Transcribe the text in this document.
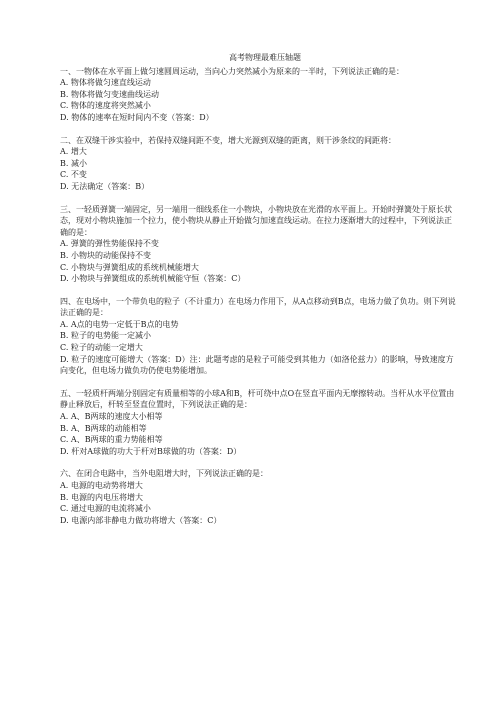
高考物理最难压轴题
一、一物体在水平面上做匀速圆周运动，当向心力突然减小为原来的一半时，下列说法正确的是：
A. 物体将做匀速直线运动
B. 物体将做匀变速曲线运动
C. 物体的速度将突然减小
D. 物体的速率在短时间内不变（答案：D）
二、在双缝干涉实验中，若保持双缝间距不变，增大光源到双缝的距离，则干涉条纹的间距将：
A. 增大
B. 减小
C. 不变
D. 无法确定（答案：B）
三、一轻质弹簧一端固定，另一端用一细线系住一小物块，小物块放在光滑的水平面上。开始时弹簧处于原长状态，现对小物块施加一个拉力，使小物块从静止开始做匀加速直线运动。在拉力逐渐增大的过程中，下列说法正确的是：
A. 弹簧的弹性势能保持不变
B. 小物块的动能保持不变
C. 小物块与弹簧组成的系统机械能增大
D. 小物块与弹簧组成的系统机械能守恒（答案：C）
四、在电场中，一个带负电的粒子（不计重力）在电场力作用下，从A点移动到B点，电场力做了负功。则下列说法正确的是：
A. A点的电势一定低于B点的电势
B. 粒子的电势能一定减小
C. 粒子的动能一定增大
D. 粒子的速度可能增大（答案：D）注：此题考虑的是粒子可能受到其他力（如洛伦兹力）的影响，导致速度方向变化，但电场力做负功仍使电势能增加。
五、一轻质杆两端分别固定有质量相等的小球A和B，杆可绕中点O在竖直平面内无摩擦转动。当杆从水平位置由静止释放后，杆转至竖直位置时，下列说法正确的是：
A. A、B两球的速度大小相等
B. A、B两球的动能相等
C. A、B两球的重力势能相等
D. 杆对A球做的功大于杆对B球做的功（答案：D）
六、在闭合电路中，当外电阻增大时，下列说法正确的是：
A. 电源的电动势将增大
B. 电源的内电压将增大
C. 通过电源的电流将减小
D. 电源内部非静电力做功将增大（答案：C）
